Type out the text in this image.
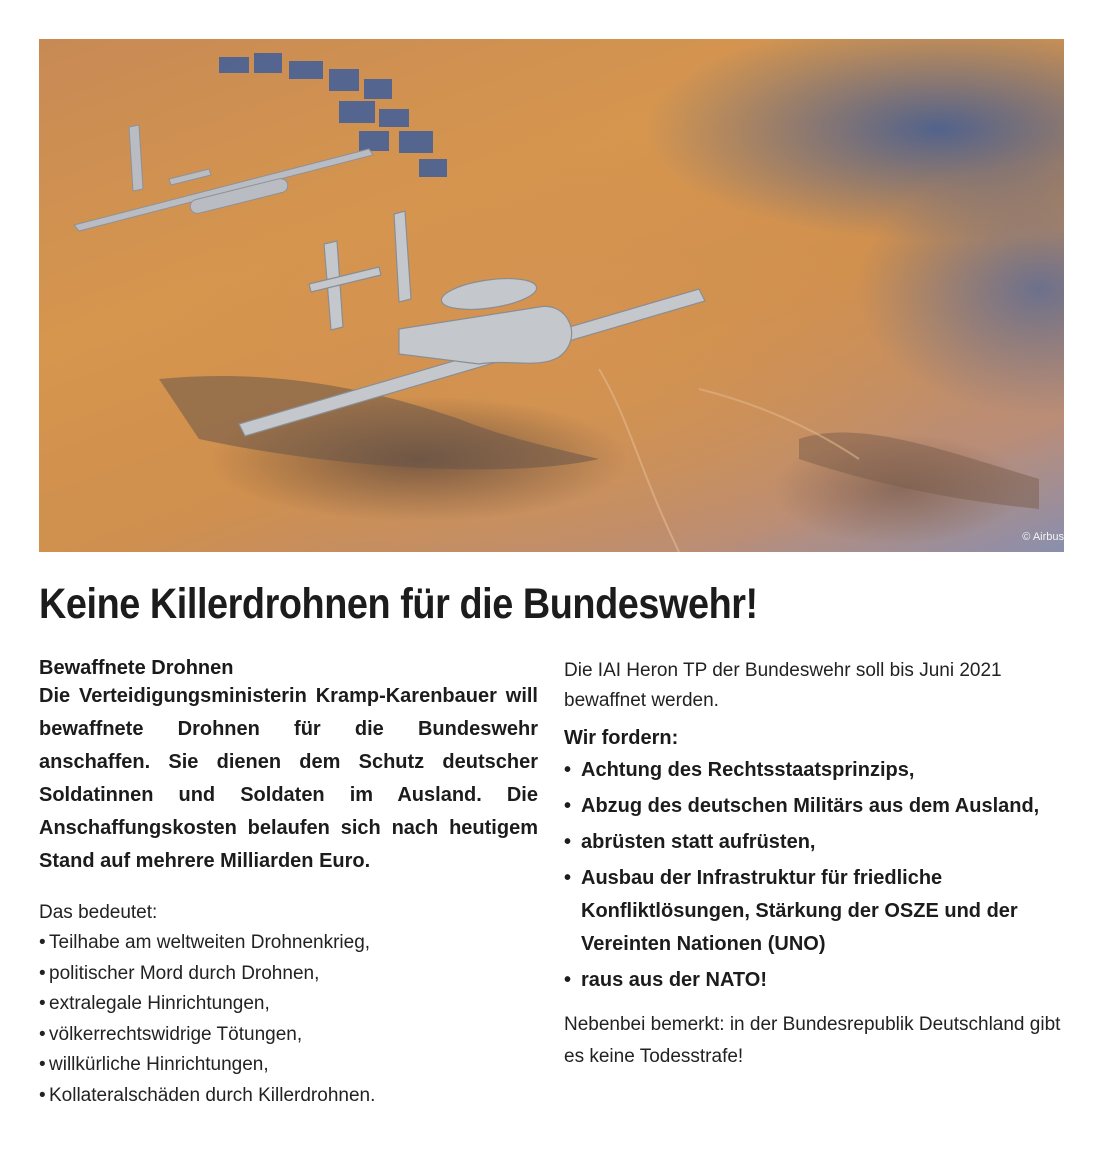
© Airbus
Keine Killerdrohnen für die Bundeswehr!

Bewaffnete Drohnen

Die Verteidigungsministerin Kramp-Karenbauer will bewaffnete Drohnen für die Bundeswehr anschaffen. Sie dienen dem Schutz deutscher Soldatinnen und Soldaten im Ausland. Die Anschaffungskosten belaufen sich nach heutigem Stand auf mehrere Milliarden Euro.

Das bedeutet:

• Teilhabe am weltweiten Drohnenkrieg,
• politischer Mord durch Drohnen,
• extralegale Hinrichtungen,
• völkerrechtswidrige Tötungen,
• willkürliche Hinrichtungen,
• Kollateralschäden durch Killerdrohnen.

Die IAI Heron TP der Bundeswehr soll bis Juni 2021 bewaffnet werden.

Wir fordern:

• Achtung des Rechtsstaatsprinzips,
• Abzug des deutschen Militärs aus dem Ausland,
• abrüsten statt aufrüsten,
• Ausbau der Infrastruktur für friedliche Konfliktlösungen, Stärkung der OSZE und der Vereinten Nationen (UNO)
• raus aus der NATO!

Nebenbei bemerkt: in der Bundesrepublik Deutschland gibt es keine Todesstrafe!
